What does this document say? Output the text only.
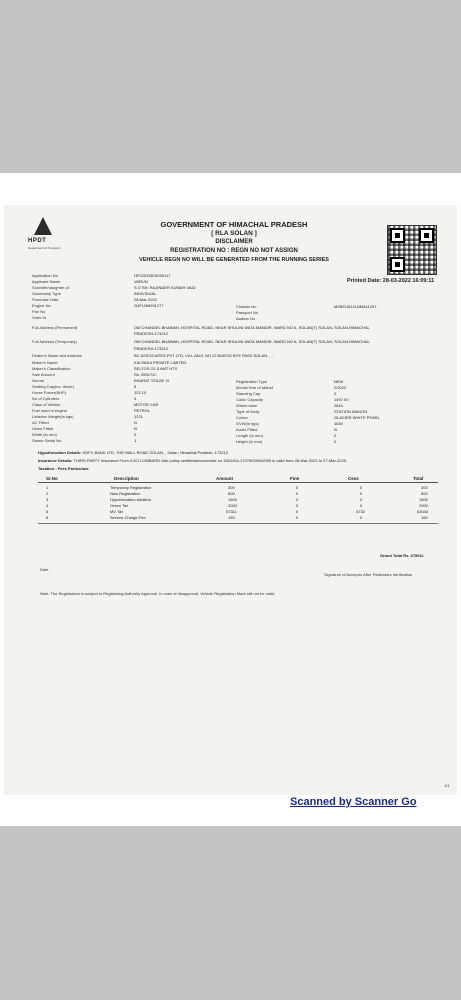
HPDT
Department of Transport
GOVERNMENT OF HIMACHAL PRADESH
[ RLA SOLAN ]
DISCLAIMER
REGISTRATION NO : REGN NO NOT ASSIGN
VEHICLE REGN NO WILL BE GENERATED FROM THE RUNNING SERIES
Printed Date: 28-03-2022 16:09:11
Application No.	HP22032876090117
Applicant Name	VARUN
Son/wife/daughter of	S.O SH. RAJINDER KUMAR VAID
Ownership Type	INDIVIDUAL
Purchase Date	28-Mar-2022
Engine No	G4FLNM291277
Pan No
Voter Id
Chassis No	MZBEU812LNM341257
Passport No
Aadhar No
Full Address (Permanent)	OM CHANDEL BHAWAN ,HOSPITAL ROAD, NEAR SHULINI MATA MANDIR, WARD NO 6, SOLAN(T) SOLAN, SOLAN-HIMACHAL
PRADESH-173212
Full Address (Temporary)	OM CHANDEL BHAWAN ,HOSPITAL ROAD, NEAR SHULINI MATA MANDIR, WARD NO 6, SOLAN(T) SOLAN, SOLAN-HIMACHAL
PRADESH-173212
Dealer's Name and Address	BC ASSOCIATES PVT LTD, VILL ANJI, NH 22 BAROG BYE PASS SOLAN, , ,
Maker's Name	KIA INDIA PRIVATE LIMITED
Maker's Classification	SELTOS G1.5 6MT HTX
Sale Amount	Rs. 959172/-
Norms	BHARAT STAGE VI
Seating Cap(inc. driver)	5
Horse Power(BHP)	113.10
No of Cylinders	4
Class of Vehicle	MOTOR CAR
Fuel used in engine	PETROL
Unladen Weight(in kgs)	1221
AC Fitted	N
Video Fitted	N
Width (in mm)	0
Owner Serial No	1
Registration Type	NEW
Month/Year of Manuf	2/2022
Standing Cap	0
Cubic Capacity	1497.00
Wheel base	2610
Type of Body	STATION WAGON
Colour	GLACIER WHITE PEARL
GVW(in kgs)	1640
Audio Fitted	N
Length (in mm)	0
Height (in mm)	0
Hypothecation Details: HDFC BANK LTD, THE MALL ROAD SOLAN, , Solan, Himachal Pradesh, 173212
Insurance Details: THIRD PARTY Insurance From ICICI LOMBARD vide policy certificate/covernote no 3001/KA-17076039/00/000 is valid from 28-Mar-2022 to 27-Mar-2025
Taxation : Fees Particulars
Sr.No	Description	Amount	Fine	Cess	Total
1	Temporary Registration	300	0	0	300
2	New Registration	600	0	0	600
3	Hypothecation Addition	1500	0	0	1500
4	Green Tax	2000	0	0	2000
5	MV Tax	57311	0	5732	63043
6	Service Charge Fee	150	0	0	150
Grand Total Rs. 67593/-
Date
Signature of Acceptor After Particulars Verification
Note: The Registration is subject to Registering Authority Approval. In case of disapproval, Vehicle Registration Mark will not be valid.
1/1
Scanned by Scanner Go
